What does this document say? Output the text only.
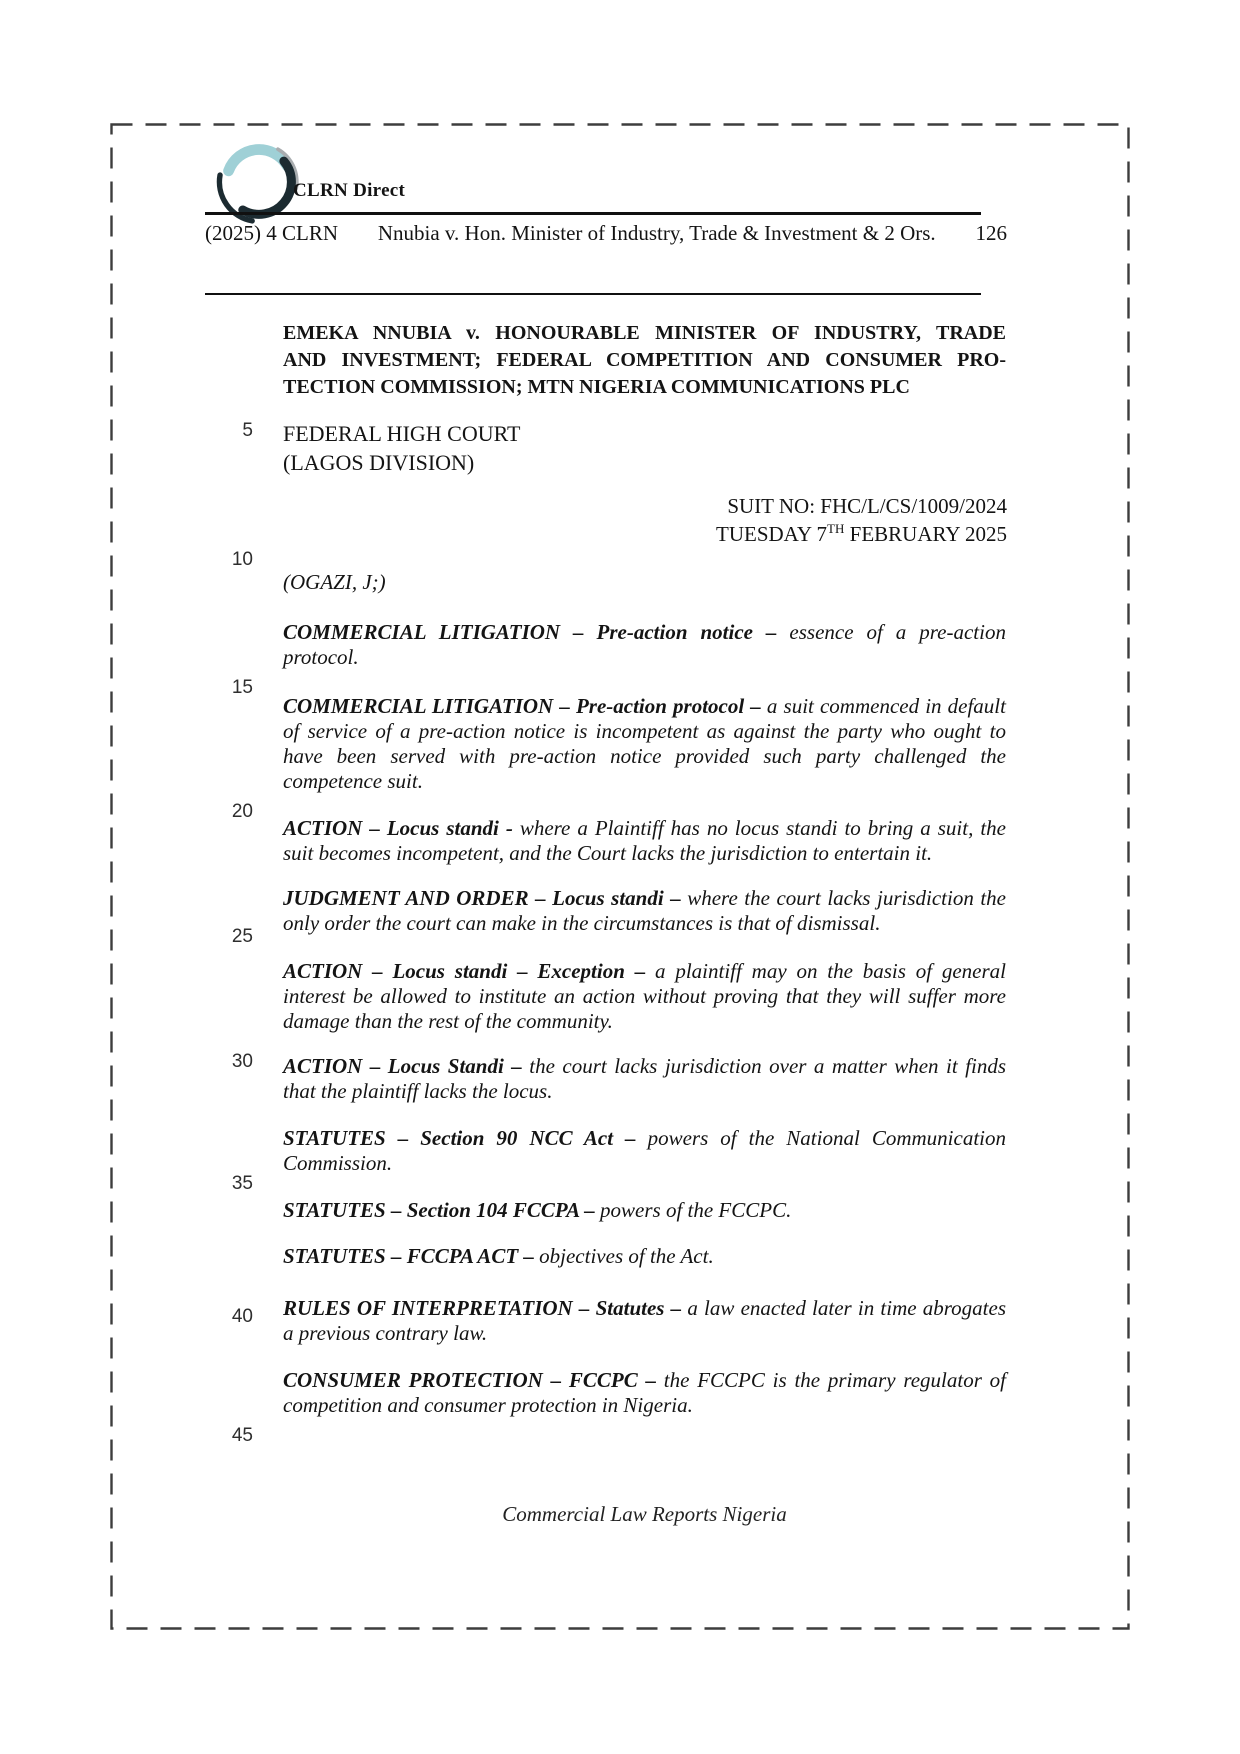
CLRN Direct
(2025) 4 CLRN Nnubia v. Hon. Minister of Industry, Trade & Investment & 2 Ors. 126
EMEKA NNUBIA v. HONOURABLE MINISTER OF INDUSTRY, TRADE
AND INVESTMENT; FEDERAL COMPETITION AND CONSUMER PRO-
TECTION COMMISSION; MTN NIGERIA COMMUNICATIONS PLC
5
10
15
20
25
30
35
40
45
FEDERAL HIGH COURT
(LAGOS DIVISION)
SUIT NO: FHC/L/CS/1009/2024
TUESDAY 7TH FEBRUARY 2025
(OGAZI, J;)
COMMERCIAL LITIGATION – Pre-action notice – essence of a pre-action protocol.
COMMERCIAL LITIGATION – Pre-action protocol – a suit commenced in default of service of a pre-action notice is incompetent as against the party who ought to have been served with pre-action notice provided such party challenged the competence suit.
ACTION – Locus standi - where a Plaintiff has no locus standi to bring a suit, the suit becomes incompetent, and the Court lacks the jurisdiction to entertain it.
JUDGMENT AND ORDER – Locus standi – where the court lacks jurisdiction the only order the court can make in the circumstances is that of dismissal.
ACTION – Locus standi – Exception – a plaintiff may on the basis of general interest be allowed to institute an action without proving that they will suffer more damage than the rest of the community.
ACTION – Locus Standi – the court lacks jurisdiction over a matter when it finds that the plaintiff lacks the locus.
STATUTES – Section 90 NCC Act – powers of the National Communication Commission.
STATUTES – Section 104 FCCPA – powers of the FCCPC.
STATUTES – FCCPA ACT – objectives of the Act.
RULES OF INTERPRETATION – Statutes – a law enacted later in time abrogates a previous contrary law.
CONSUMER PROTECTION – FCCPC – the FCCPC is the primary regulator of competition and consumer protection in Nigeria.
Commercial Law Reports Nigeria
